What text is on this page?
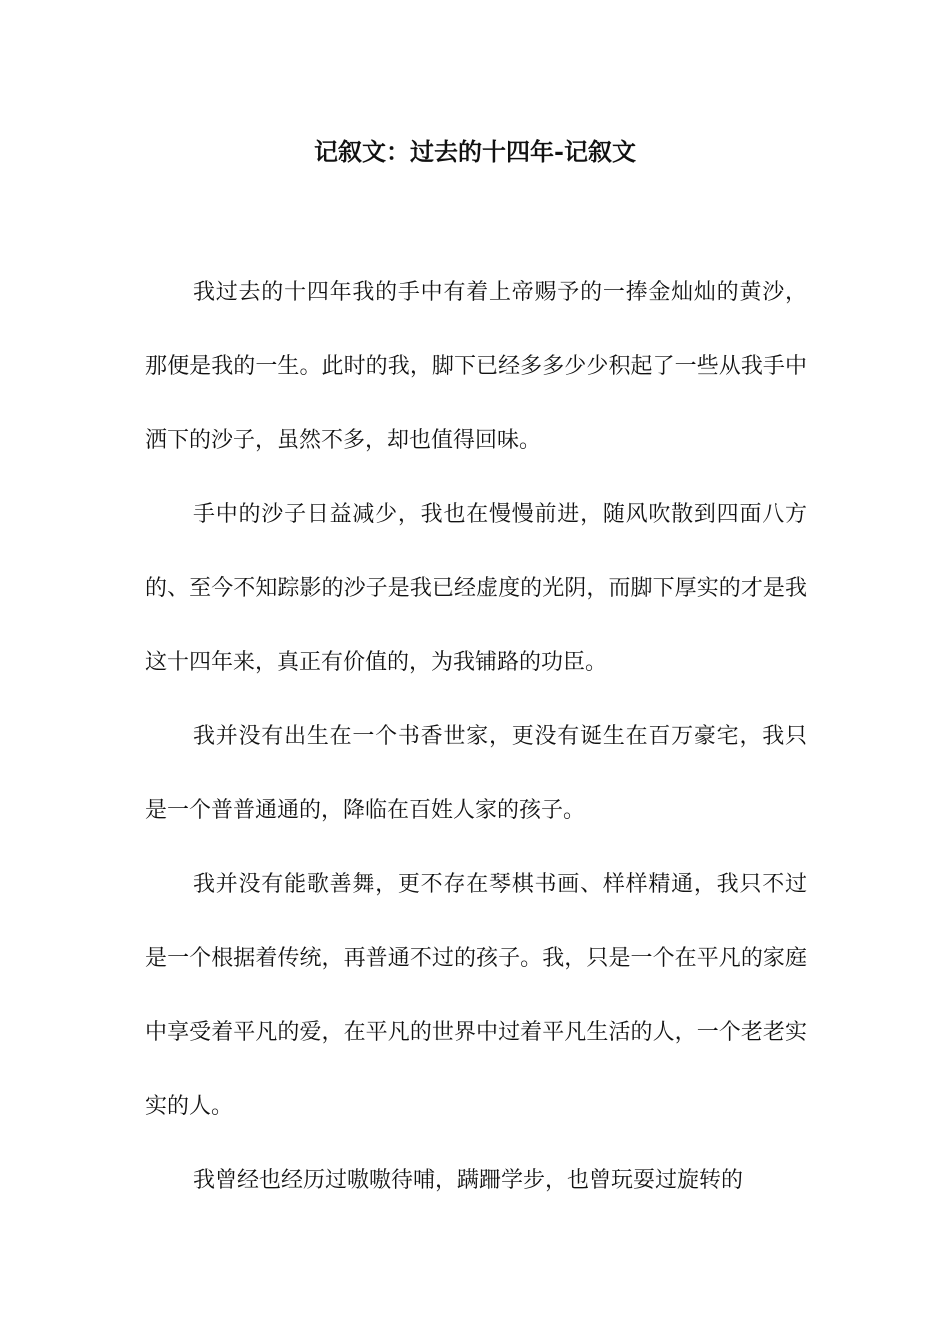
记叙文：过去的十四年-记叙文

我过去的十四年我的手中有着上帝赐予的一捧金灿灿的黄沙，那便是我的一生。此时的我，脚下已经多多少少积起了一些从我手中洒下的沙子，虽然不多，却也值得回味。

手中的沙子日益减少，我也在慢慢前进，随风吹散到四面八方的、至今不知踪影的沙子是我已经虚度的光阴，而脚下厚实的才是我这十四年来，真正有价值的，为我铺路的功臣。

我并没有出生在一个书香世家，更没有诞生在百万豪宅，我只是一个普普通通的，降临在百姓人家的孩子。

我并没有能歌善舞，更不存在琴棋书画、样样精通，我只不过是一个根据着传统，再普通不过的孩子。我，只是一个在平凡的家庭中享受着平凡的爱，在平凡的世界中过着平凡生活的人，一个老老实实的人。

我曾经也经历过嗷嗷待哺，蹒跚学步，也曾玩耍过旋转的
